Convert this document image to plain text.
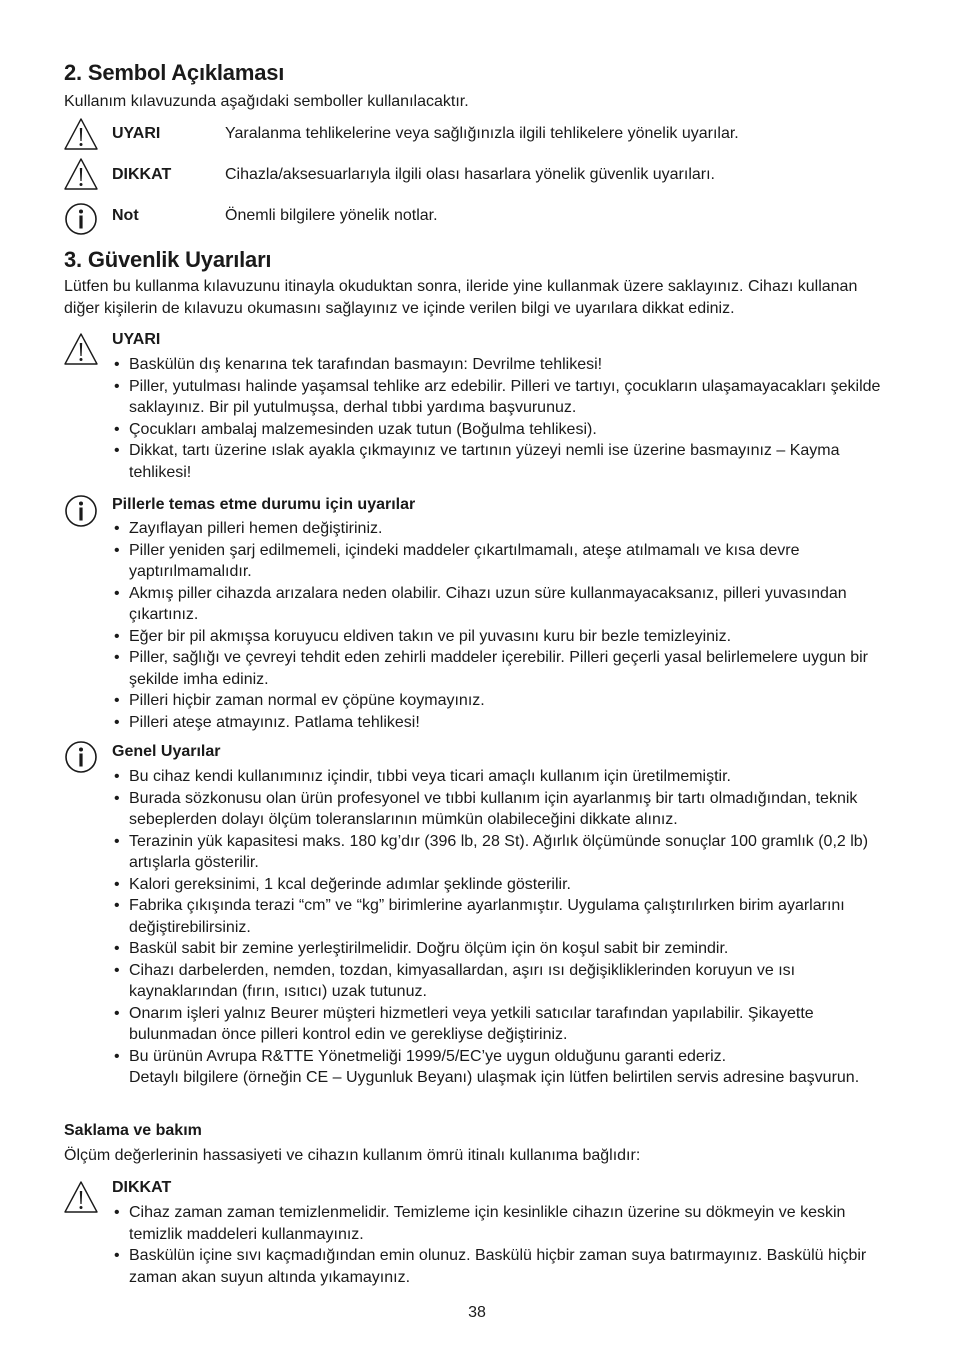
2. Sembol Açıklaması

Kullanım kılavuzunda aşağıdaki semboller kullanılacaktır.

UYARI	Yaralanma tehlikelerine veya sağlığınızla ilgili tehlikelere yönelik uyarılar.
DIKKAT	Cihazla/aksesuarlarıyla ilgili olası hasarlara yönelik güvenlik uyarıları.
Not	Önemli bilgilere yönelik notlar.
3. Güvenlik Uyarıları

Lütfen bu kullanma kılavuzunu itinayla okuduktan sonra, ileride yine kullanmak üzere saklayınız. Cihazı kullanan diğer kişilerin de kılavuzu okumasını sağlayınız ve içinde verilen bilgi ve uyarılara dikkat ediniz.

UYARI
• Baskülün dış kenarına tek tarafından basmayın: Devrilme tehlikesi!
• Piller, yutulması halinde yaşamsal tehlike arz edebilir. Pilleri ve tartıyı, çocukların ulaşamayacakları şekilde saklayınız. Bir pil yutulmuşsa, derhal tıbbi yardıma başvurunuz.
• Çocukları ambalaj malzemesinden uzak tutun (Boğulma tehlikesi).
• Dikkat, tartı üzerine ıslak ayakla çıkmayınız ve tartının yüzeyi nemli ise üzerine basmayınız – Kayma tehlikesi!
Pillerle temas etme durumu için uyarılar
• Zayıflayan pilleri hemen değiştiriniz.
• Piller yeniden şarj edilmemeli, içindeki maddeler çıkartılmamalı, ateşe atılmamalı ve kısa devre yaptırılmamalıdır.
• Akmış piller cihazda arızalara neden olabilir. Cihazı uzun süre kullanmayacaksanız, pilleri yuvasından çıkartınız.
• Eğer bir pil akmışsa koruyucu eldiven takın ve pil yuvasını kuru bir bezle temizleyiniz.
• Piller, sağlığı ve çevreyi tehdit eden zehirli maddeler içerebilir. Pilleri geçerli yasal belirlemelere uygun bir şekilde imha ediniz.
• Pilleri hiçbir zaman normal ev çöpüne koymayınız.
• Pilleri ateşe atmayınız. Patlama tehlikesi!
Genel Uyarılar
• Bu cihaz kendi kullanımınız içindir, tıbbi veya ticari amaçlı kullanım için üretilmemiştir.
• Burada sözkonusu olan ürün profesyonel ve tıbbi kullanım için ayarlanmış bir tartı olmadığından, teknik sebeplerden dolayı ölçüm toleranslarının mümkün olabileceğini dikkate alınız.
• Terazinin yük kapasitesi maks. 180 kg’dır (396 lb, 28 St). Ağırlık ölçümünde sonuçlar 100 gramlık (0,2 lb) artışlarla gösterilir.
• Kalori gereksinimi, 1 kcal değerinde adımlar şeklinde gösterilir.
• Fabrika çıkışında terazi “cm” ve “kg” birimlerine ayarlanmıştır. Uygulama çalıştırılırken birim ayarlarını değiştirebilirsiniz.
• Baskül sabit bir zemine yerleştirilmelidir. Doğru ölçüm için ön koşul sabit bir zemindir.
• Cihazı darbelerden, nemden, tozdan, kimyasallardan, aşırı ısı değişikliklerinden koruyun ve ısı kaynaklarından (fırın, ısıtıcı) uzak tutunuz.
• Onarım işleri yalnız Beurer müşteri hizmetleri veya yetkili satıcılar tarafından yapılabilir. Şikayette bulunmadan önce pilleri kontrol edin ve gerekliyse değiştiriniz.
• Bu ürünün Avrupa R&TTE Yönetmeliği 1999/5/EC’ye uygun olduğunu garanti ederiz.
Detaylı bilgilere (örneğin CE – Uygunluk Beyanı) ulaşmak için lütfen belirtilen servis adresine başvurun.
Saklama ve bakım

Ölçüm değerlerinin hassasiyeti ve cihazın kullanım ömrü itinalı kullanıma bağlıdır:

DIKKAT
• Cihaz zaman zaman temizlenmelidir. Temizleme için kesinlikle cihazın üzerine su dökmeyin ve keskin temizlik maddeleri kullanmayınız.
• Baskülün içine sıvı kaçmadığından emin olunuz. Baskülü hiçbir zaman suya batırmayınız. Baskülü hiçbir zaman akan suyun altında yıkamayınız.
38
